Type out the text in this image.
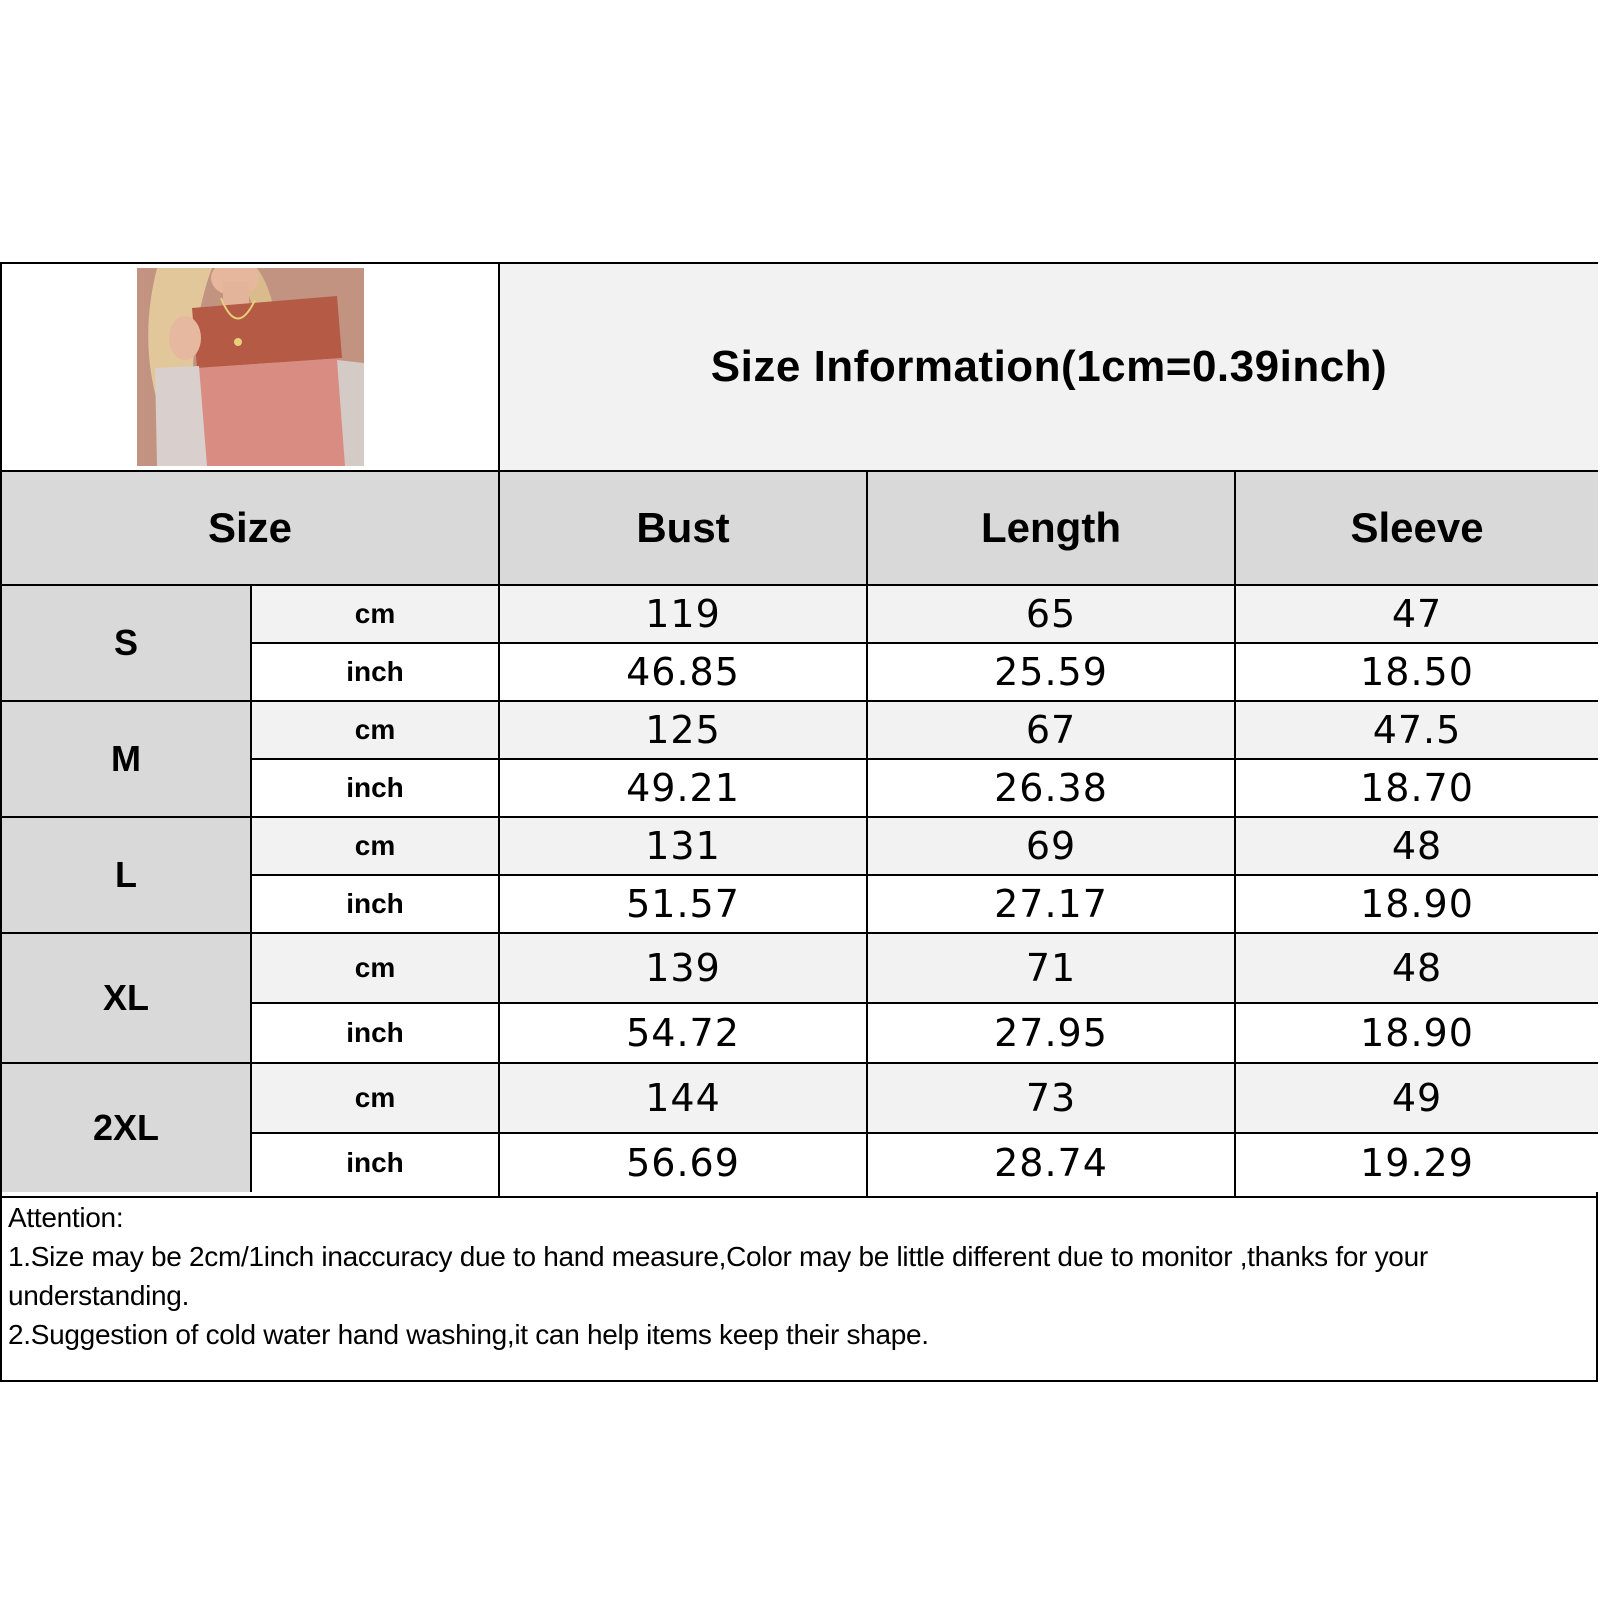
Size Information(1cm=0.39inch)
Size	Bust	Length	Sleeve
S
cm	119	65	47
inch	46.85	25.59	18.50
M
cm	125	67	47.5
inch	49.21	26.38	18.70
L
cm	131	69	48
inch	51.57	27.17	18.90
XL
cm	139	71	48
inch	54.72	27.95	18.90
2XL
cm	144	73	49
inch	56.69	28.74	19.29
Attention:
1.Size may be 2cm/1inch inaccuracy due to hand measure,Color may be little different due to monitor ,thanks for your understanding.
2.Suggestion of cold water hand washing,it can help items keep their shape.
